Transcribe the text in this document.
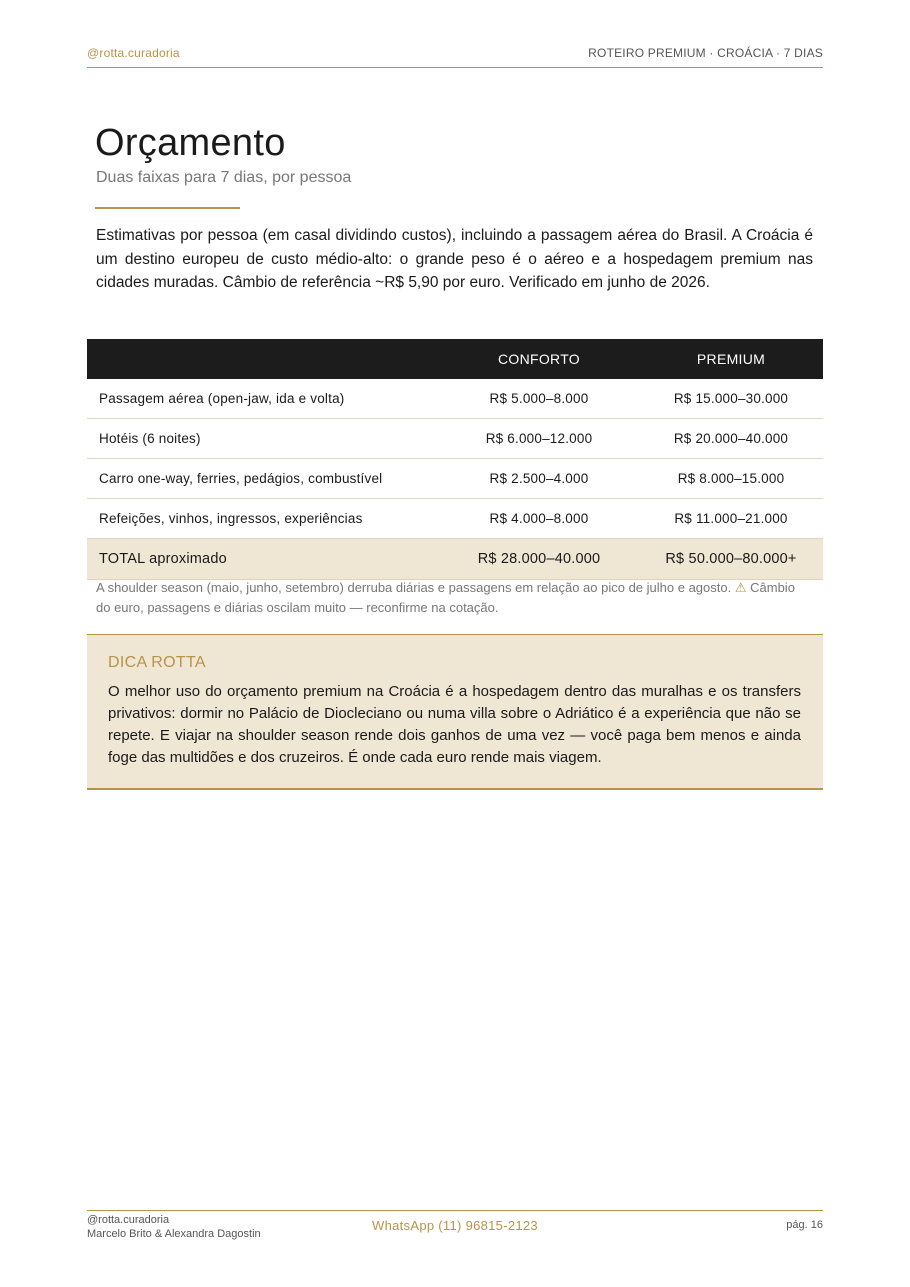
@rotta.curadoria	ROTEIRO PREMIUM · CROÁCIA · 7 DIAS
Orçamento
Duas faixas para 7 dias, por pessoa

Estimativas por pessoa (em casal dividindo custos), incluindo a passagem aérea do Brasil. A Croácia é um destino europeu de custo médio-alto: o grande peso é o aéreo e a hospedagem premium nas cidades muradas. Câmbio de referência ~R$ 5,90 por euro. Verificado em junho de 2026.

	CONFORTO	PREMIUM
Passagem aérea (open-jaw, ida e volta)	R$ 5.000–8.000	R$ 15.000–30.000
Hotéis (6 noites)	R$ 6.000–12.000	R$ 20.000–40.000
Carro one-way, ferries, pedágios, combustível	R$ 2.500–4.000	R$ 8.000–15.000
Refeições, vinhos, ingressos, experiências	R$ 4.000–8.000	R$ 11.000–21.000
TOTAL aproximado	R$ 28.000–40.000	R$ 50.000–80.000+

A shoulder season (maio, junho, setembro) derruba diárias e passagens em relação ao pico de julho e agosto. ⚠ Câmbio do euro, passagens e diárias oscilam muito — reconfirme na cotação.

DICA ROTTA

O melhor uso do orçamento premium na Croácia é a hospedagem dentro das muralhas e os transfers privativos: dormir no Palácio de Diocleciano ou numa villa sobre o Adriático é a experiência que não se repete. E viajar na shoulder season rende dois ganhos de uma vez — você paga bem menos e ainda foge das multidões e dos cruzeiros. É onde cada euro rende mais viagem.

@rotta.curadoria
Marcelo Brito & Alexandra Dagostin
WhatsApp (11) 96815-2123	pág. 16
